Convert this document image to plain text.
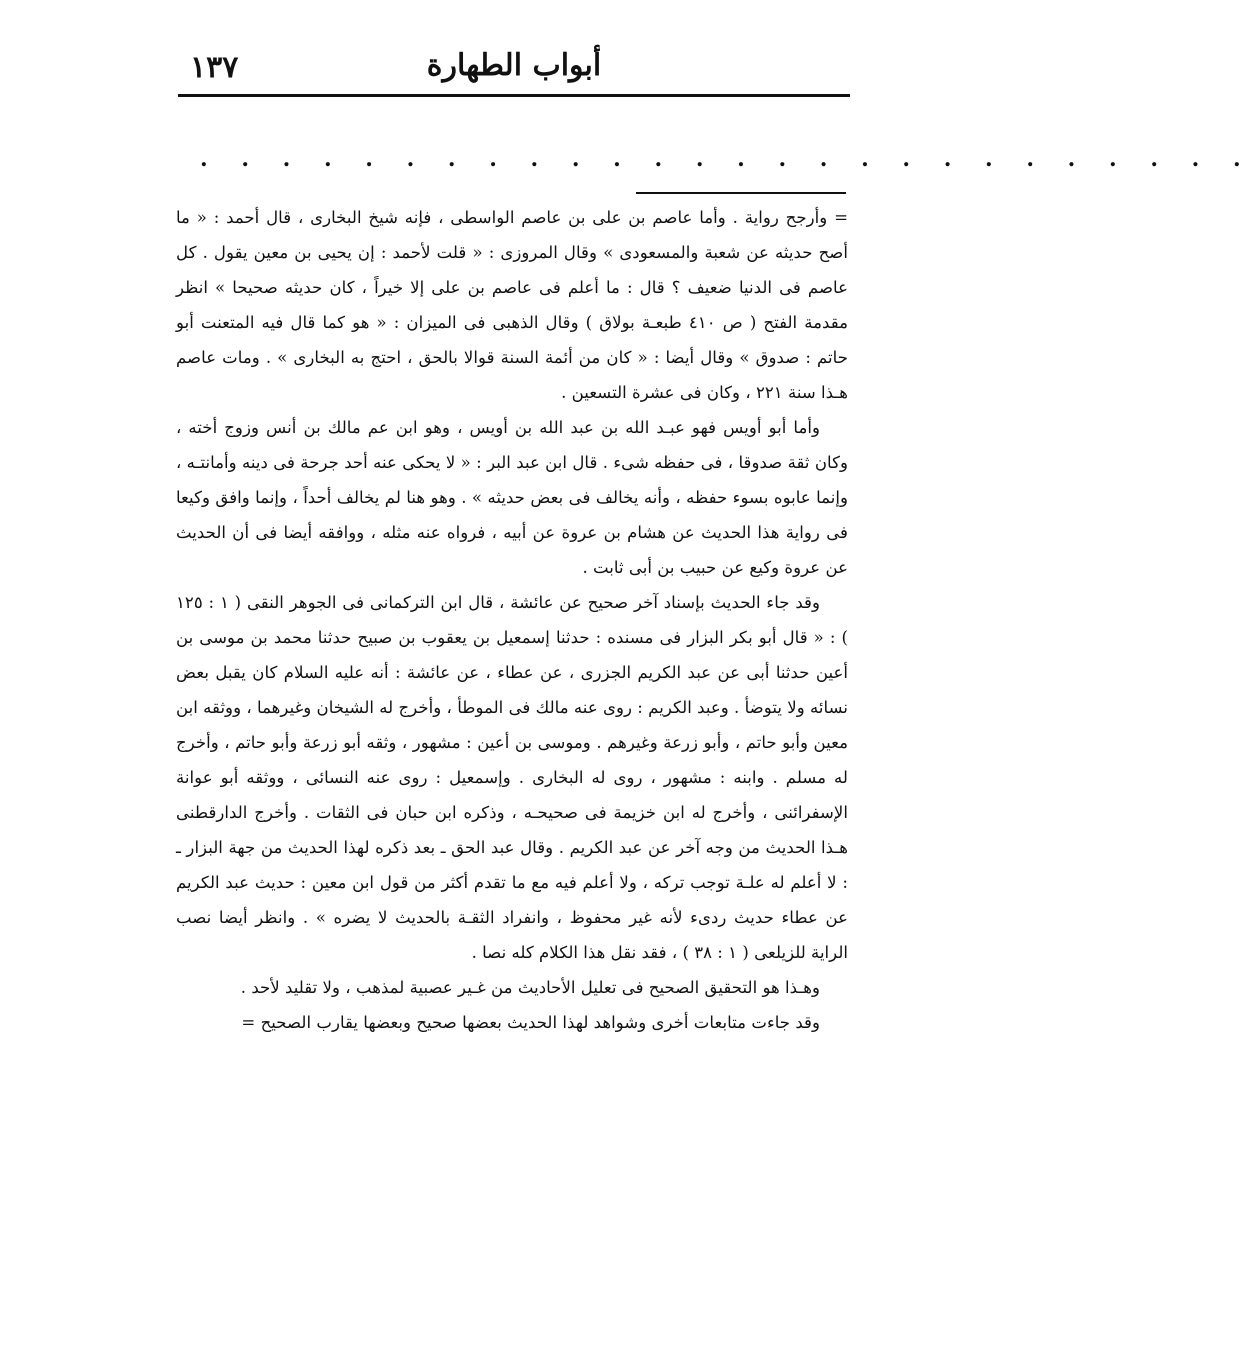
أبواب الطهارة
١٣٧
. . . . . . . . . . . . . . . . . . . . . . . . . .

= وأرجح رواية . وأما عاصم بن على بن عاصم الواسطى ، فإنه شيخ البخارى ، قال أحمد : « ما أصح حديثه عن شعبة والمسعودى » وقال المروزى : « قلت لأحمد : إن يحيى بن معين يقول . كل عاصم فى الدنيا ضعيف ؟ قال : ما أعلم فى عاصم بن على إلا خيراً ، كان حديثه صحيحا » انظر مقدمة الفتح ( ص ٤١٠ طبعـة بولاق ) وقال الذهبى فى الميزان : « هو كما قال فيه المتعنت أبو حاتم : صدوق » وقال أيضا : « كان من أئمة السنة قوالا بالحق ، احتج به البخارى » . ومات عاصم هـذا سنة ٢٢١ ، وكان فى عشرة التسعين .

وأما أبو أويس فهو عبـد الله بن عبد الله بن أويس ، وهو ابن عم مالك بن أنس وزوج أخته ، وكان ثقة صدوقا ، فى حفظه شىء . قال ابن عبد البر : « لا يحكى عنه أحد جرحة فى دينه وأمانتـه ، وإنما عابوه بسوء حفظه ، وأنه يخالف فى بعض حديثه » . وهو هنا لم يخالف أحداً ، وإنما وافق وكيعا فى رواية هذا الحديث عن هشام بن عروة عن أبيه ، فرواه عنه مثله ، ووافقه أيضا فى أن الحديث عن عروة وكيع عن حبيب بن أبى ثابت .

وقد جاء الحديث بإسناد آخر صحيح عن عائشة ، قال ابن التركمانى فى الجوهر النقى ( ١ : ١٢٥ ) : « قال أبو بكر البزار فى مسنده : حدثنا إسمعيل بن يعقوب بن صبيح حدثنا محمد بن موسى بن أعين حدثنا أبى عن عبد الكريم الجزرى ، عن عطاء ، عن عائشة : أنه عليه السلام كان يقبل بعض نسائه ولا يتوضأ . وعبد الكريم : روى عنه مالك فى الموطأ ، وأخرج له الشيخان وغيرهما ، ووثقه ابن معين وأبو حاتم ، وأبو زرعة وغيرهم . وموسى بن أعين : مشهور ، وثقه أبو زرعة وأبو حاتم ، وأخرج له مسلم . وابنه : مشهور ، روى له البخارى . وإسمعيل : روى عنه النسائى ، ووثقه أبو عوانة الإسفرائنى ، وأخرج له ابن خزيمة فى صحيحـه ، وذكره ابن حبان فى الثقات . وأخرج الدارقطنى هـذا الحديث من وجه آخر عن عبد الكريم . وقال عبد الحق ـ بعد ذكره لهذا الحديث من جهة البزار ـ : لا أعلم له علـة توجب تركه ، ولا أعلم فيه مع ما تقدم أكثر من قول ابن معين : حديث عبد الكريم عن عطاء حديث ردىء لأنه غير محفوظ ، وانفراد الثقـة بالحديث لا يضره » . وانظر أيضا نصب الراية للزيلعى ( ١ : ٣٨ ) ، فقد نقل هذا الكلام كله نصا .

وهـذا هو التحقيق الصحيح فى تعليل الأحاديث من غـير عصبية لمذهب ، ولا تقليد لأحد .

وقد جاءت متابعات أخرى وشواهد لهذا الحديث بعضها صحيح وبعضها يقارب الصحيح =
